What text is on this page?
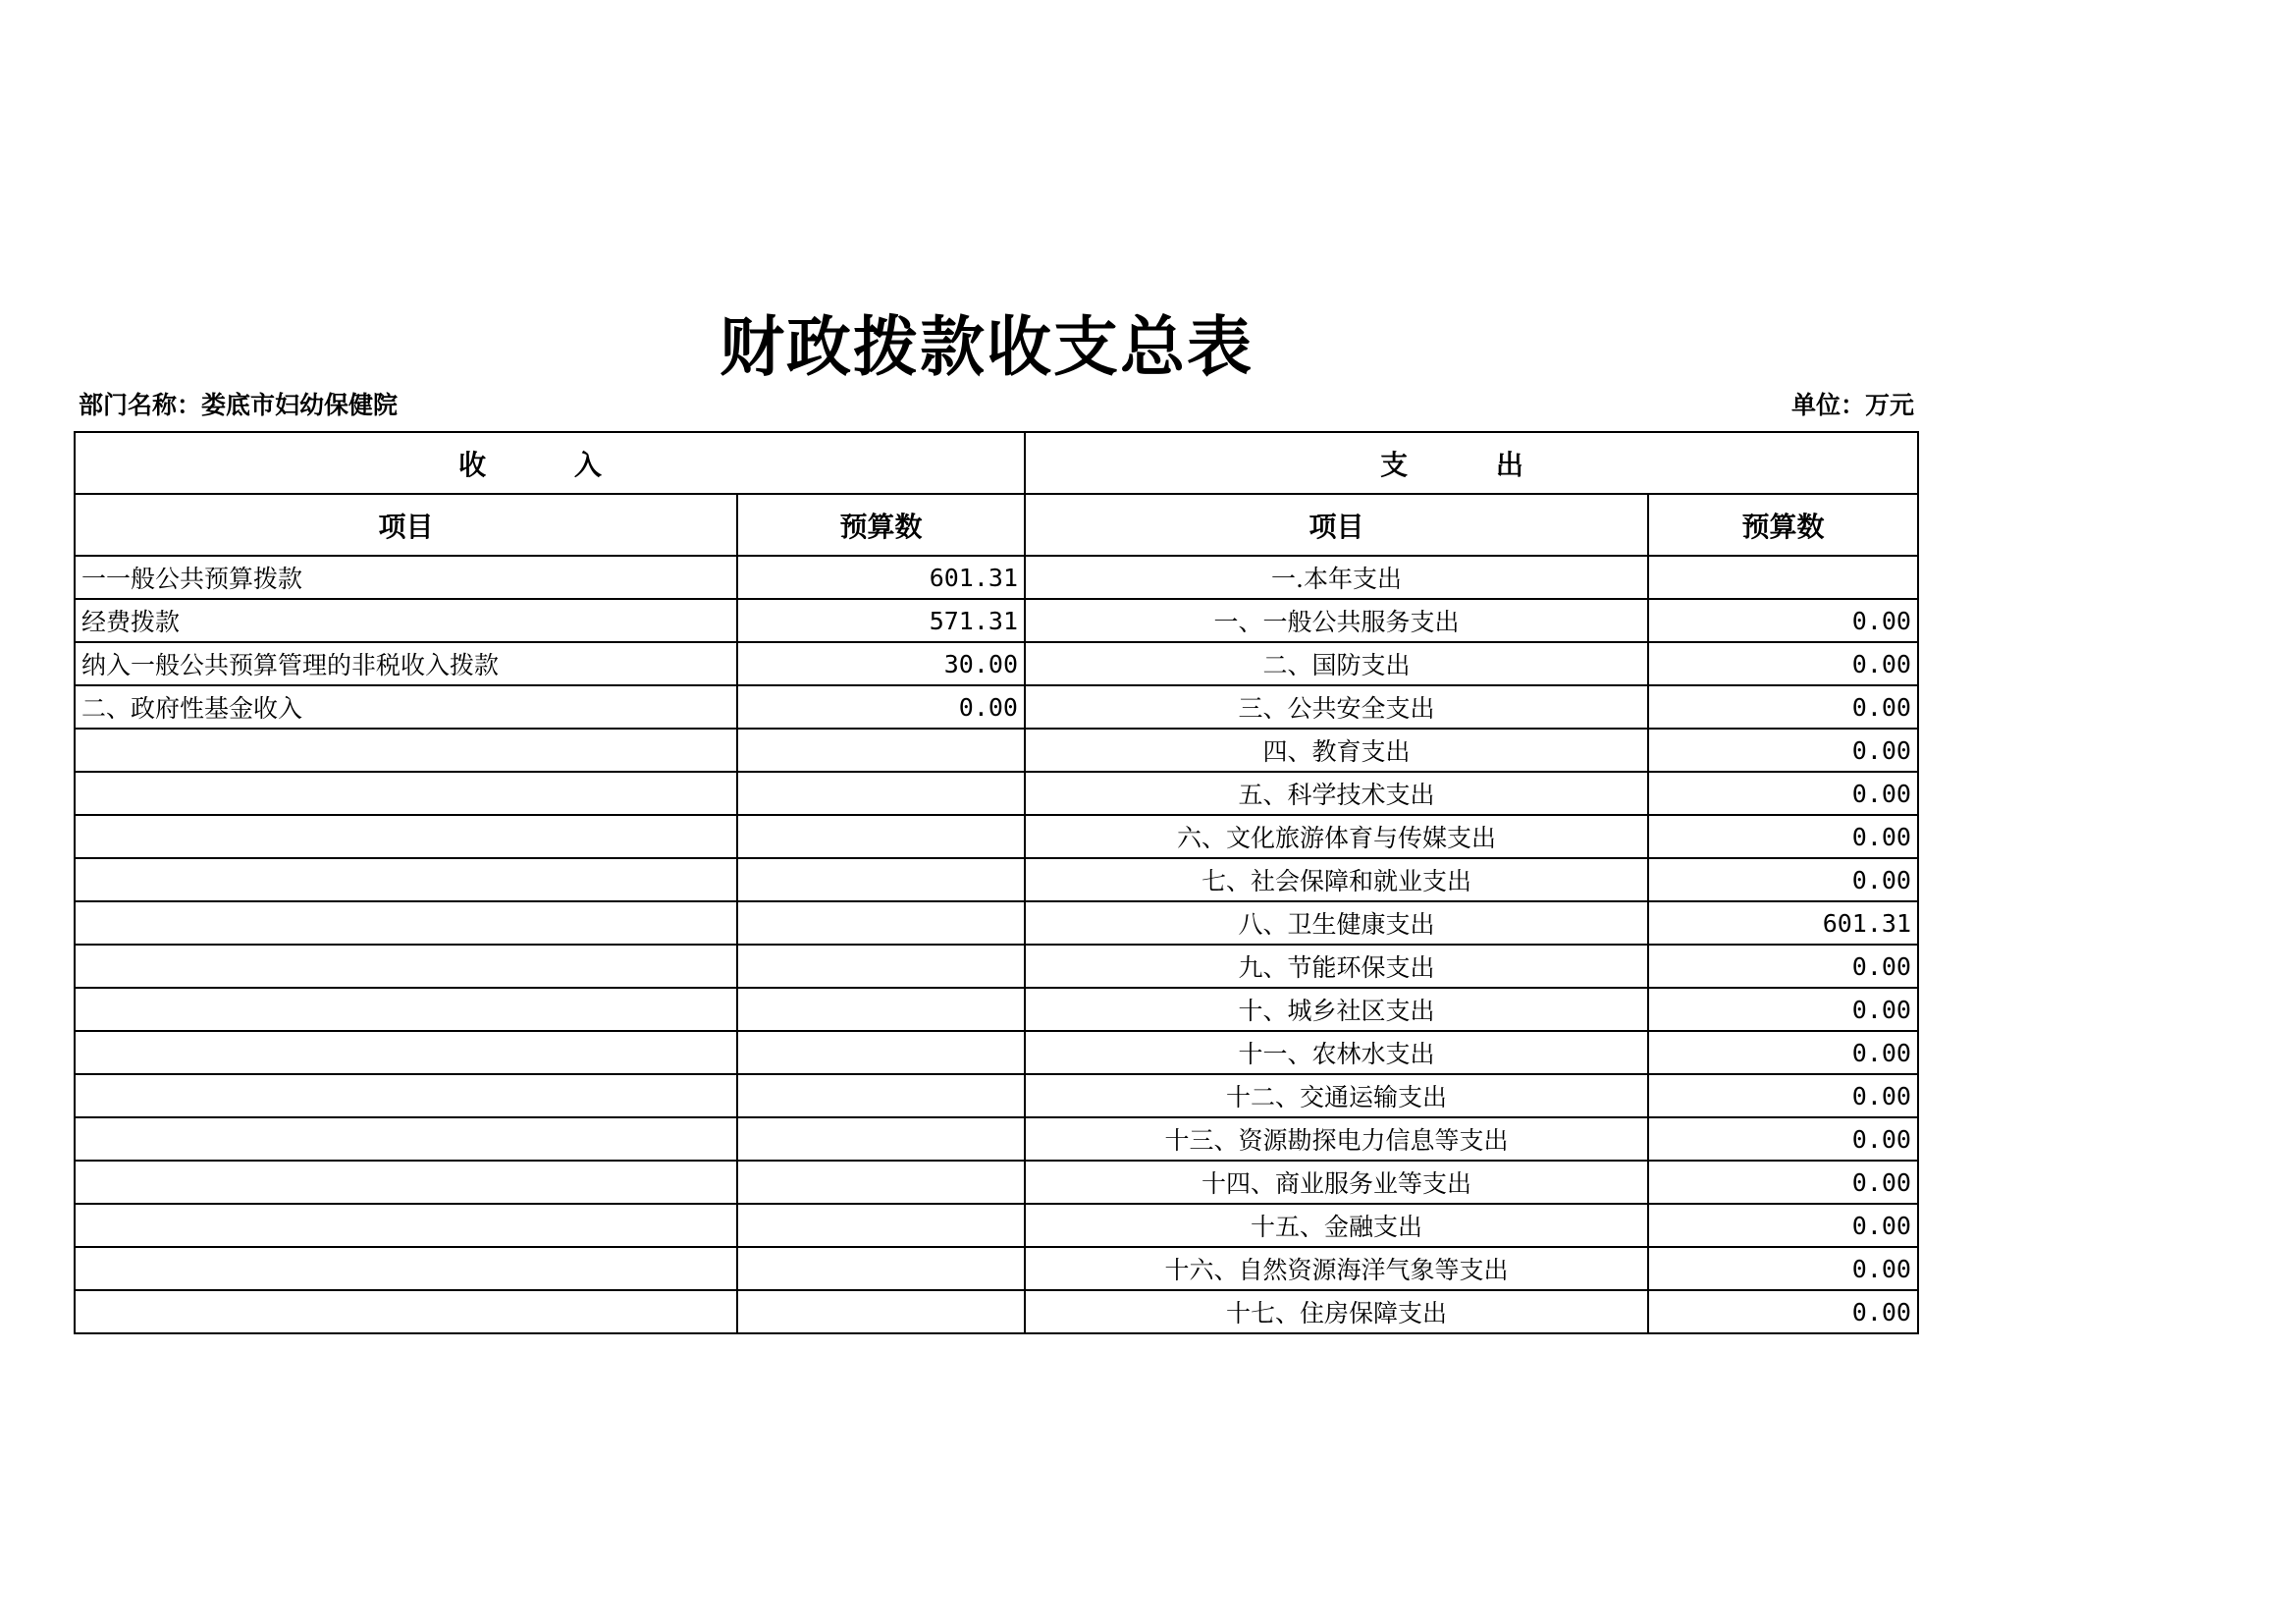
财政拨款收支总表
部门名称：娄底市妇幼保健院	单位：万元
收 入		支 出	
项目	预算数	项目	预算数
一一般公共预算拨款	601.31	一.本年支出	
经费拨款	571.31	一、一般公共服务支出	0.00
纳入一般公共预算管理的非税收入拨款	30.00	二、国防支出	0.00
二、政府性基金收入	0.00	三、公共安全支出	0.00
		四、教育支出	0.00
		五、科学技术支出	0.00
		六、文化旅游体育与传媒支出	0.00
		七、社会保障和就业支出	0.00
		八、卫生健康支出	601.31
		九、节能环保支出	0.00
		十、城乡社区支出	0.00
		十一、农林水支出	0.00
		十二、交通运输支出	0.00
		十三、资源勘探电力信息等支出	0.00
		十四、商业服务业等支出	0.00
		十五、金融支出	0.00
		十六、自然资源海洋气象等支出	0.00
		十七、住房保障支出	0.00
